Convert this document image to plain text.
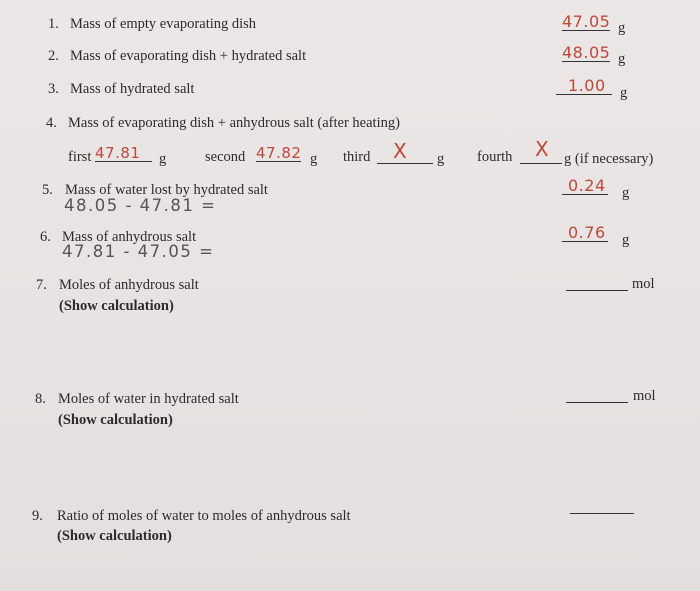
1. Mass of empty evaporating dish	47.05 g
2. Mass of evaporating dish + hydrated salt	48.05 g
3. Mass of hydrated salt	1.00 g
4. Mass of evaporating dish + anhydrous salt (after heating)
first 47.81	g	second 47.82 g third X g fourth X g (if necessary)
5. Mass of water lost by hydrated salt
48.05 - 47.81 =
0.24 g
6. Mass of anhydrous salt
47.81 - 47.05 =
0.76 g
7. Moles of anhydrous salt
(Show calculation)
mol
8. Moles of water in hydrated salt
(Show calculation)
mol
9. Ratio of moles of water to moles of anhydrous salt
(Show calculation)
